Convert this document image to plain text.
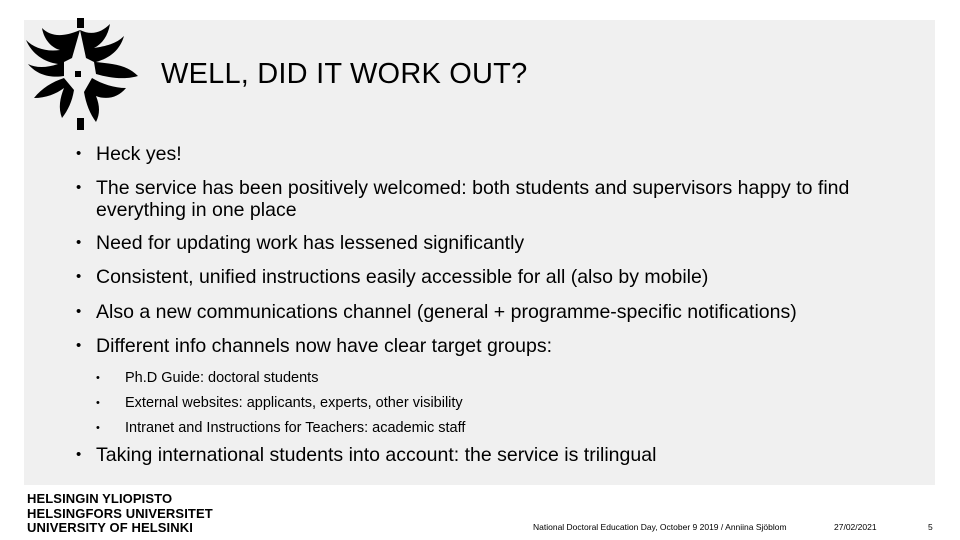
WELL, DID IT WORK OUT?
• Heck yes!
• The service has been positively welcomed: both students and supervisors happy to find everything in one place
• Need for updating work has lessened significantly
• Consistent, unified instructions easily accessible for all (also by mobile)
• Also a new communications channel (general + programme-specific notifications)
• Different info channels now have clear target groups:
• Taking international students into account: the service is trilingual
• Ph.D Guide: doctoral students
• External websites: applicants, experts, other visibility
• Intranet and Instructions for Teachers: academic staff
HELSINGIN YLIOPISTO
HELSINGFORS UNIVERSITET
UNIVERSITY OF HELSINKI	National Doctoral Education Day, October 9 2019 / Anniina Sjöblom	27/02/2021	5
